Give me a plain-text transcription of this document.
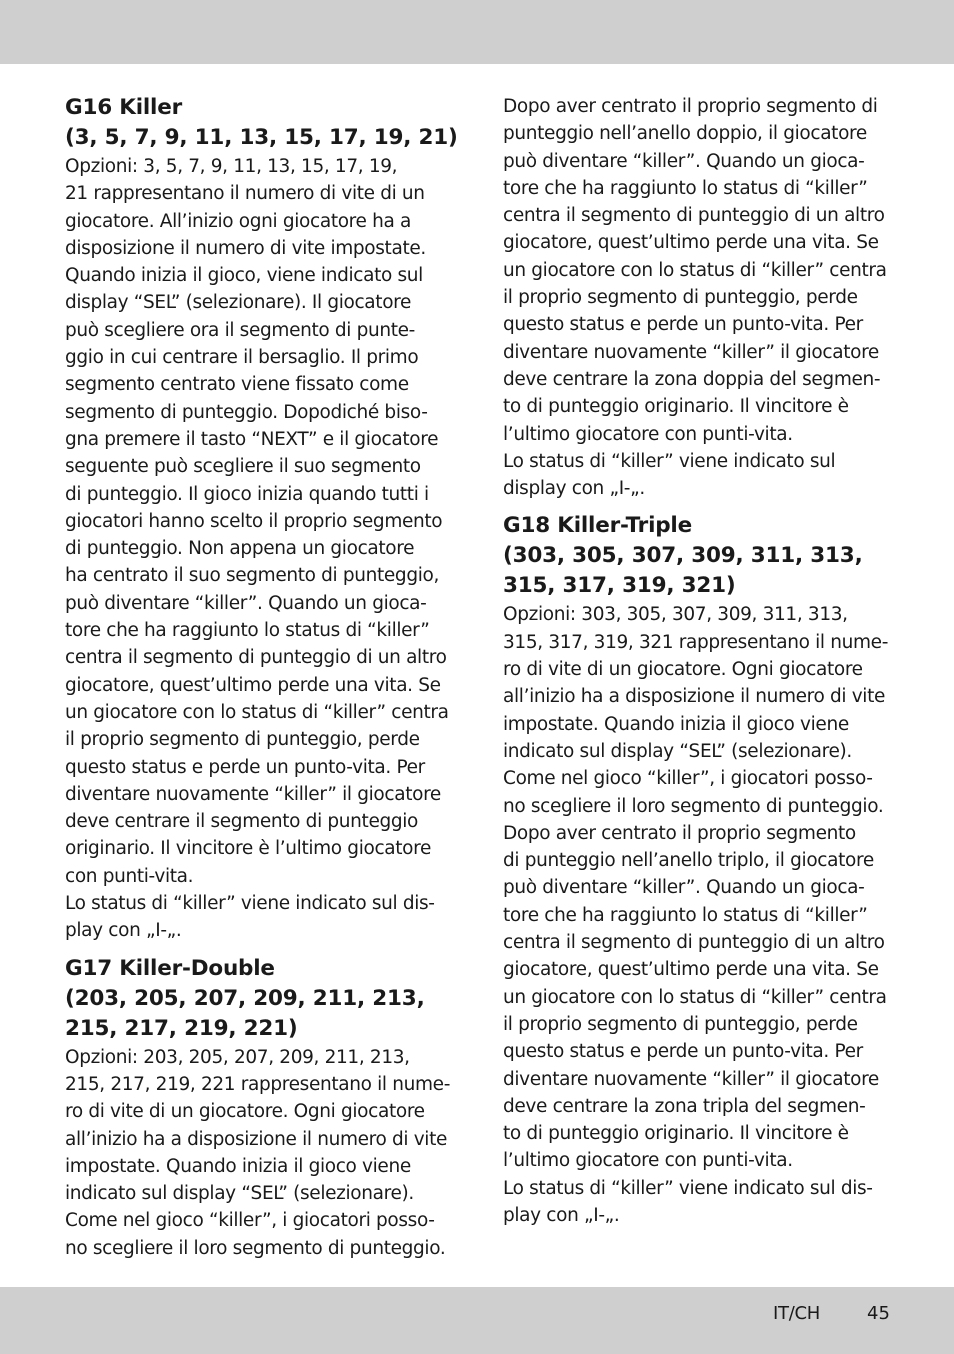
G16 Killer
(3, 5, 7, 9, 11, 13, 15, 17, 19, 21)
Opzioni: 3, 5, 7, 9, 11, 13, 15, 17, 19,
21 rappresentano il numero di vite di un
giocatore. All’inizio ogni giocatore ha a
disposizione il numero di vite impostate.
Quando inizia il gioco, viene indicato sul
display “SEL” (selezionare). Il giocatore
può scegliere ora il segmento di punte-
ggio in cui centrare il bersaglio. Il primo
segmento centrato viene fissato come
segmento di punteggio. Dopodiché biso-
gna premere il tasto “NEXT” e il giocatore
seguente può scegliere il suo segmento
di punteggio. Il gioco inizia quando tutti i
giocatori hanno scelto il proprio segmento
di punteggio. Non appena un giocatore
ha centrato il suo segmento di punteggio,
può diventare “killer”. Quando un gioca-
tore che ha raggiunto lo status di “killer”
centra il segmento di punteggio di un altro
giocatore, quest’ultimo perde una vita. Se
un giocatore con lo status di “killer” centra
il proprio segmento di punteggio, perde
questo status e perde un punto-vita. Per
diventare nuovamente “killer” il giocatore
deve centrare il segmento di punteggio
originario. Il vincitore è l’ultimo giocatore
con punti-vita.
Lo status di “killer” viene indicato sul dis-
play con „I-„.
G17 Killer-Double
(203, 205, 207, 209, 211, 213,
215, 217, 219, 221)
Opzioni: 203, 205, 207, 209, 211, 213,
215, 217, 219, 221 rappresentano il nume-
ro di vite di un giocatore. Ogni giocatore
all’inizio ha a disposizione il numero di vite
impostate. Quando inizia il gioco viene
indicato sul display “SEL” (selezionare).
Come nel gioco “killer”, i giocatori posso-
no scegliere il loro segmento di punteggio.
Dopo aver centrato il proprio segmento di
punteggio nell’anello doppio, il giocatore
può diventare “killer”. Quando un gioca-
tore che ha raggiunto lo status di “killer”
centra il segmento di punteggio di un altro
giocatore, quest’ultimo perde una vita. Se
un giocatore con lo status di “killer” centra
il proprio segmento di punteggio, perde
questo status e perde un punto-vita. Per
diventare nuovamente “killer” il giocatore
deve centrare la zona doppia del segmen-
to di punteggio originario. Il vincitore è
l’ultimo giocatore con punti-vita.
Lo status di “killer” viene indicato sul
display con „I-„.
G18 Killer-Triple
(303, 305, 307, 309, 311, 313,
315, 317, 319, 321)
Opzioni: 303, 305, 307, 309, 311, 313,
315, 317, 319, 321 rappresentano il nume-
ro di vite di un giocatore. Ogni giocatore
all’inizio ha a disposizione il numero di vite
impostate. Quando inizia il gioco viene
indicato sul display “SEL” (selezionare).
Come nel gioco “killer”, i giocatori posso-
no scegliere il loro segmento di punteggio.
Dopo aver centrato il proprio segmento
di punteggio nell’anello triplo, il giocatore
può diventare “killer”. Quando un gioca-
tore che ha raggiunto lo status di “killer”
centra il segmento di punteggio di un altro
giocatore, quest’ultimo perde una vita. Se
un giocatore con lo status di “killer” centra
il proprio segmento di punteggio, perde
questo status e perde un punto-vita. Per
diventare nuovamente “killer” il giocatore
deve centrare la zona tripla del segmen-
to di punteggio originario. Il vincitore è
l’ultimo giocatore con punti-vita.
Lo status di “killer” viene indicato sul dis-
play con „I-„.
IT/CH	45
